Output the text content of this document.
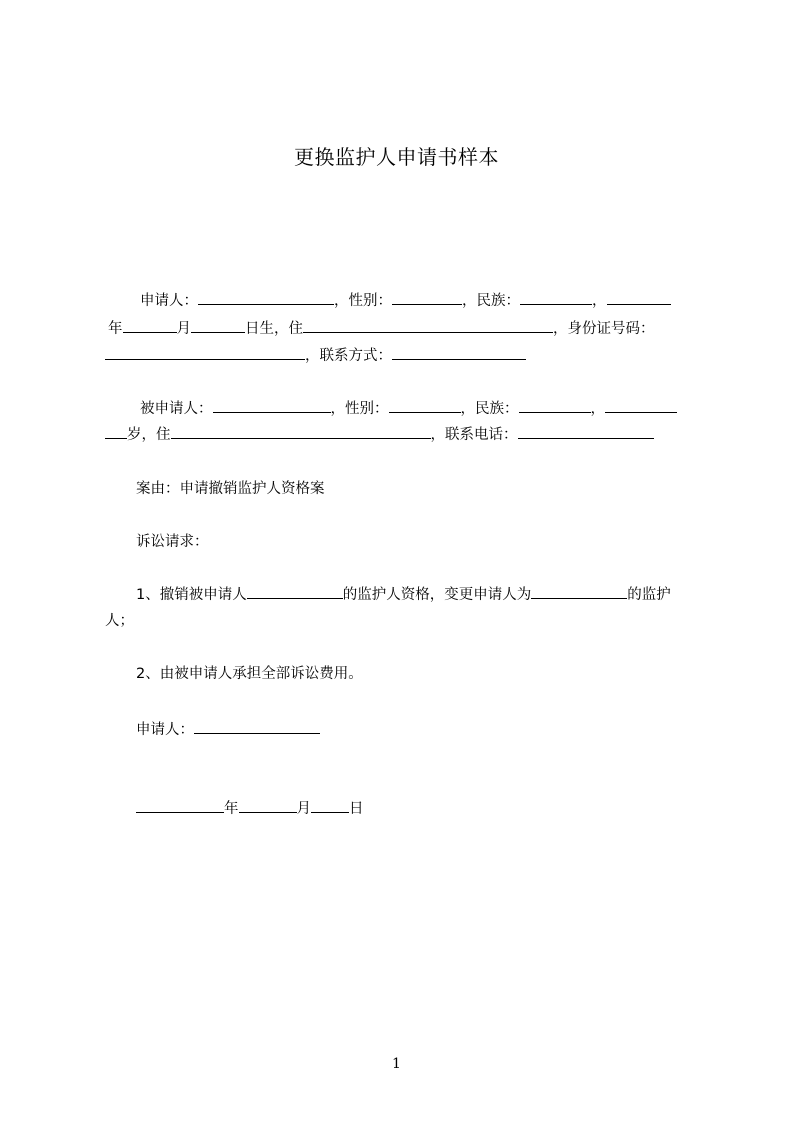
更换监护人申请书样本
申请人：	，性别：	，民族：	，
年	月	日生，住	，身份证号码：
，联系方式：
被申请人：	，性别：	，民族：	，
岁，住	，联系电话：
案由：申请撤销监护人资格案
诉讼请求：
1、撤销被申请人	的监护人资格，变更申请人为	的监护
人；
2、由被申请人承担全部诉讼费用。
申请人：
年	月	日
1
